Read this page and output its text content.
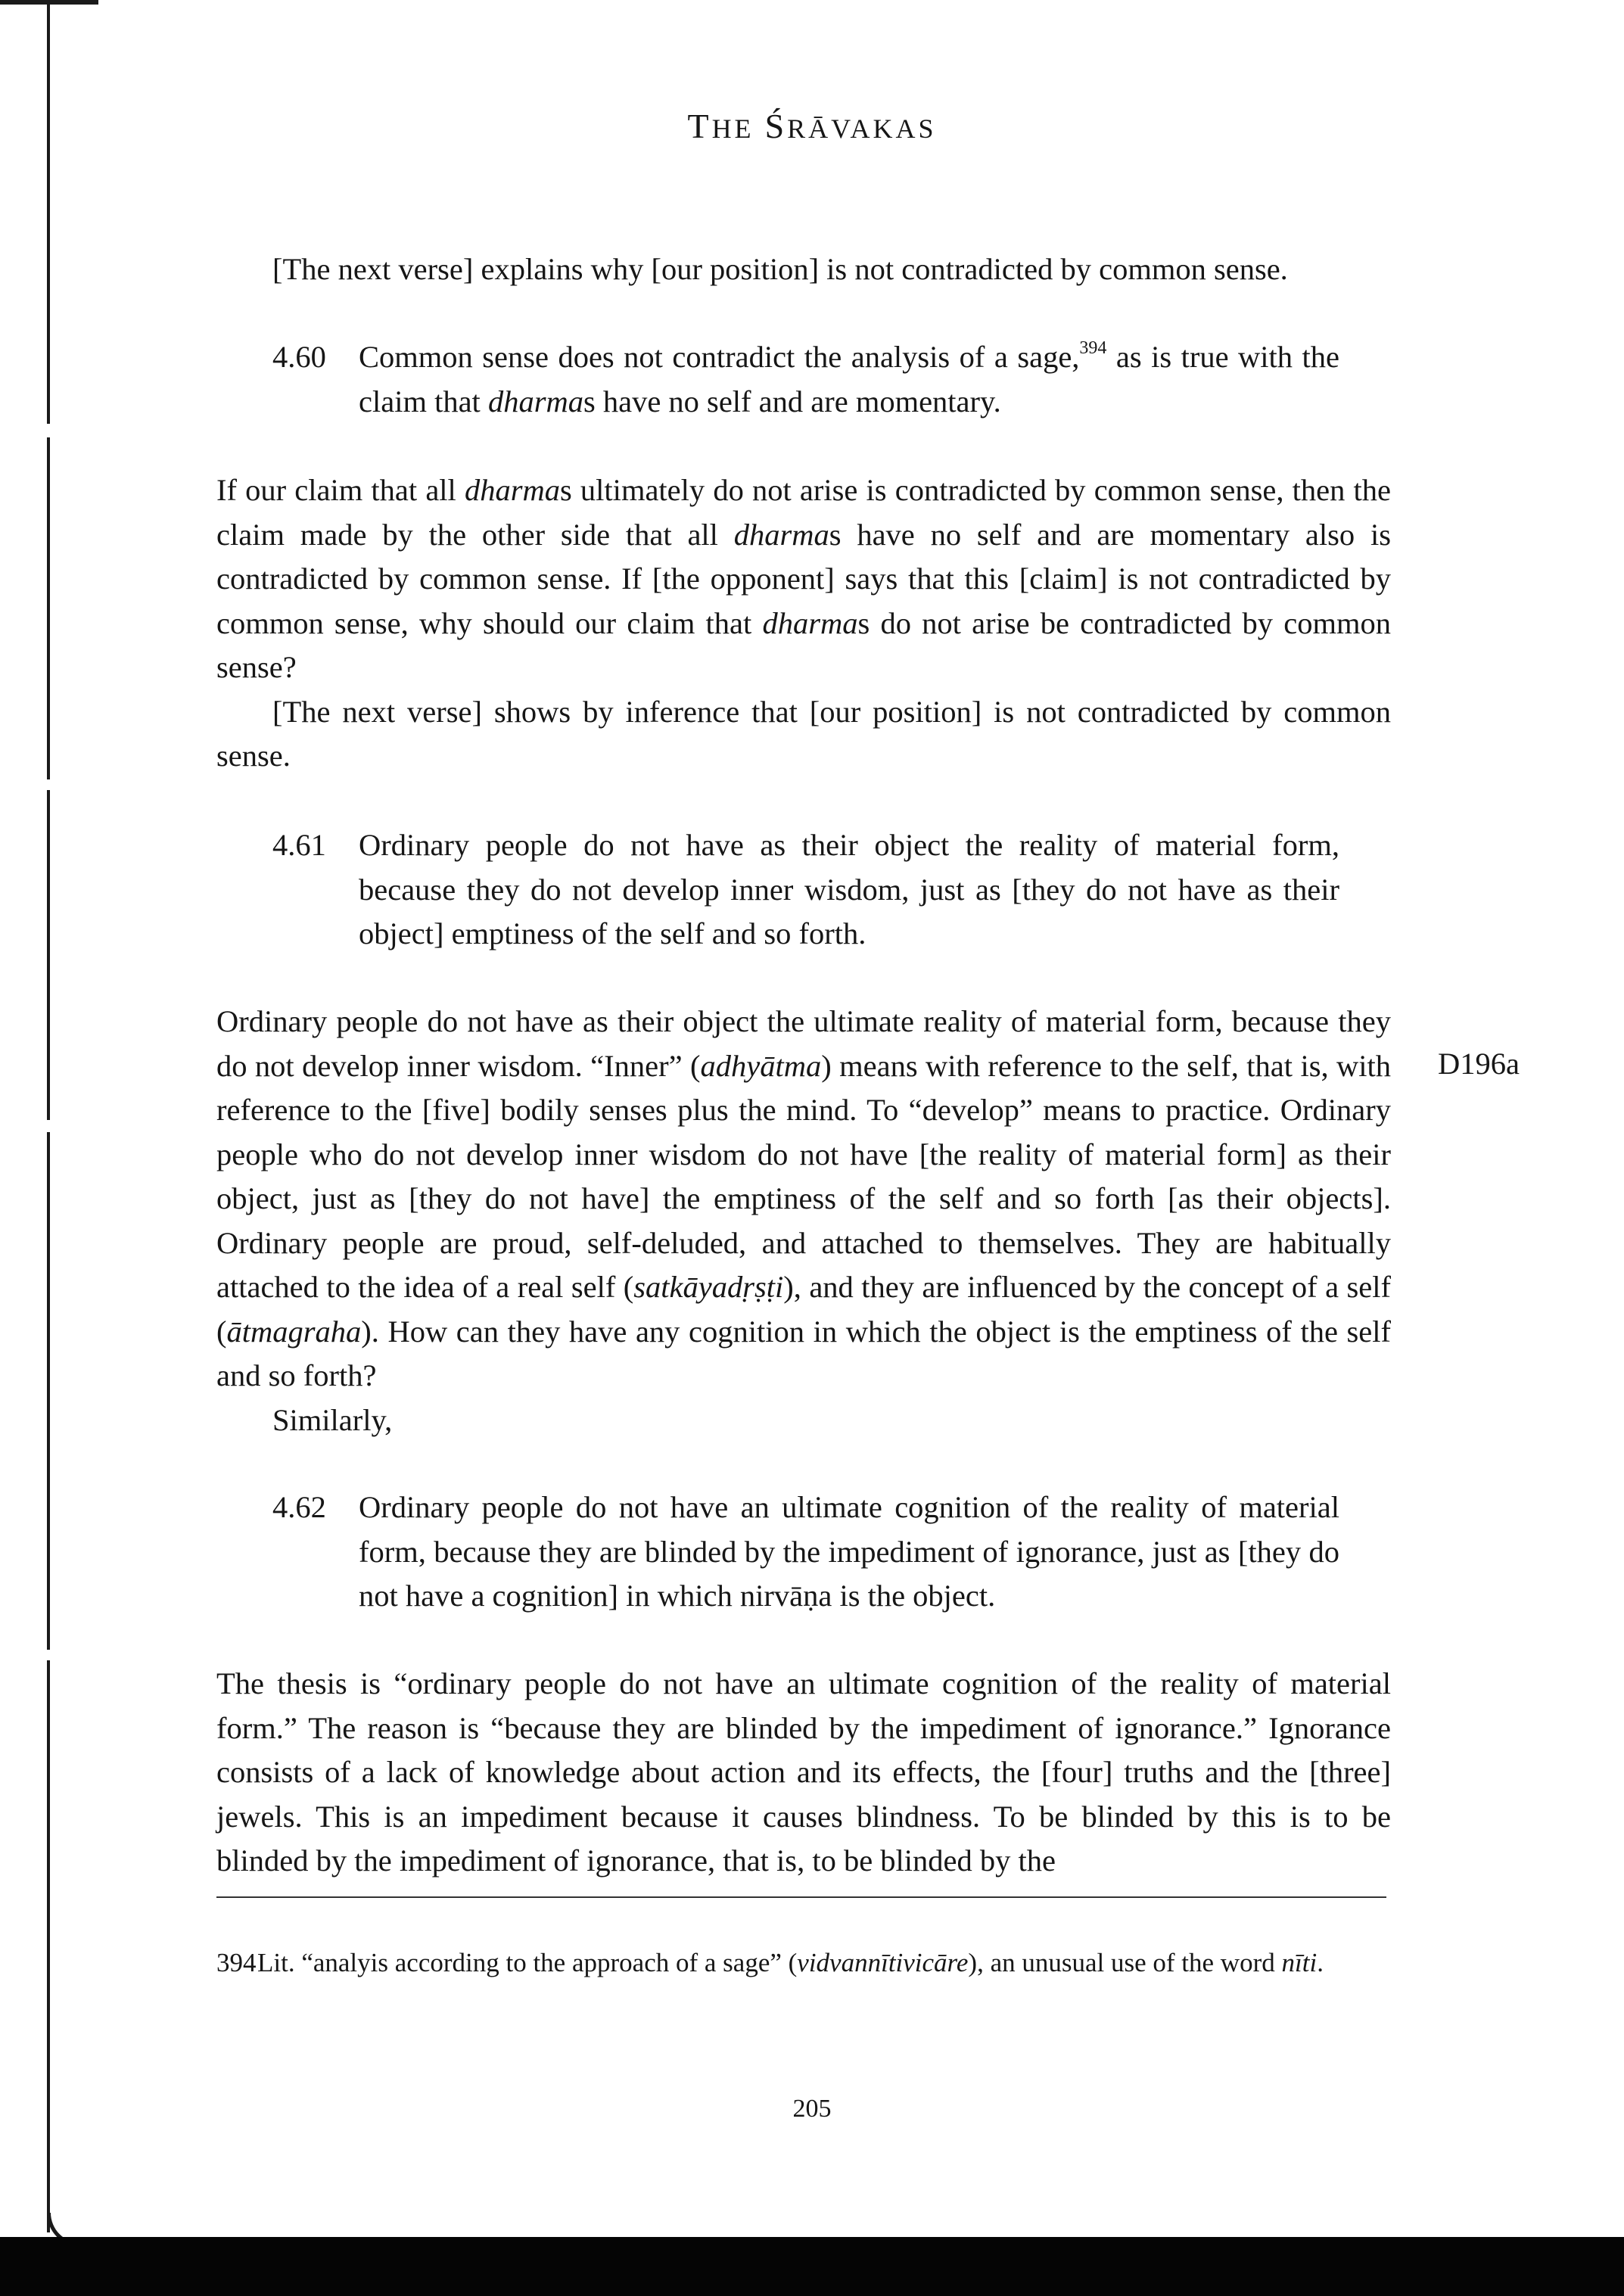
THE ŚRĀVAKAS

[The next verse] explains why [our position] is not contradicted by common sense.

4.60 Common sense does not contradict the analysis of a sage,$^{394}$ as is true with the claim that dharmas have no self and are momentary.

If our claim that all dharmas ultimately do not arise is contradicted by common sense, then the claim made by the other side that all dharmas have no self and are momentary also is contradicted by common sense. If [the opponent] says that this [claim] is not contradicted by common sense, why should our claim that dharmas do not arise be contradicted by common sense?

[The next verse] shows by inference that [our position] is not contradicted by common sense.

4.61 Ordinary people do not have as their object the reality of material form, because they do not develop inner wisdom, just as [they do not have as their object] emptiness of the self and so forth.

Ordinary people do not have as their object the ultimate reality of material form, because they do not develop inner wisdom. “Inner” (adhyātma) means with reference to the self, that is, with reference to the [five] bodily senses plus the mind. To “develop” means to practice. Ordinary people who do not develop inner wisdom do not have [the reality of material form] as their object, just as [they do not have] the emptiness of the self and so forth [as their objects]. Ordinary people are proud, self-deluded, and attached to themselves. They are habitually attached to the idea of a real self (satkāyadṛṣṭi), and they are influenced by the concept of a self (ātmagraha). How can they have any cognition in which the object is the emptiness of the self and so forth?

Similarly,

D196a
4.62 Ordinary people do not have an ultimate cognition of the reality of material form, because they are blinded by the impediment of ignorance, just as [they do not have a cognition] in which nirvāṇa is the object.

The thesis is “ordinary people do not have an ultimate cognition of the reality of material form.” The reason is “because they are blinded by the impediment of ignorance.” Ignorance consists of a lack of knowledge about action and its effects, the [four] truths and the [three] jewels. This is an impediment because it causes blindness. To be blinded by this is to be blinded by the impediment of ignorance, that is, to be blinded by the

394 Lit. “analyis according to the approach of a sage” (vidvannītivicāre), an unusual use of the word nīti.
205
